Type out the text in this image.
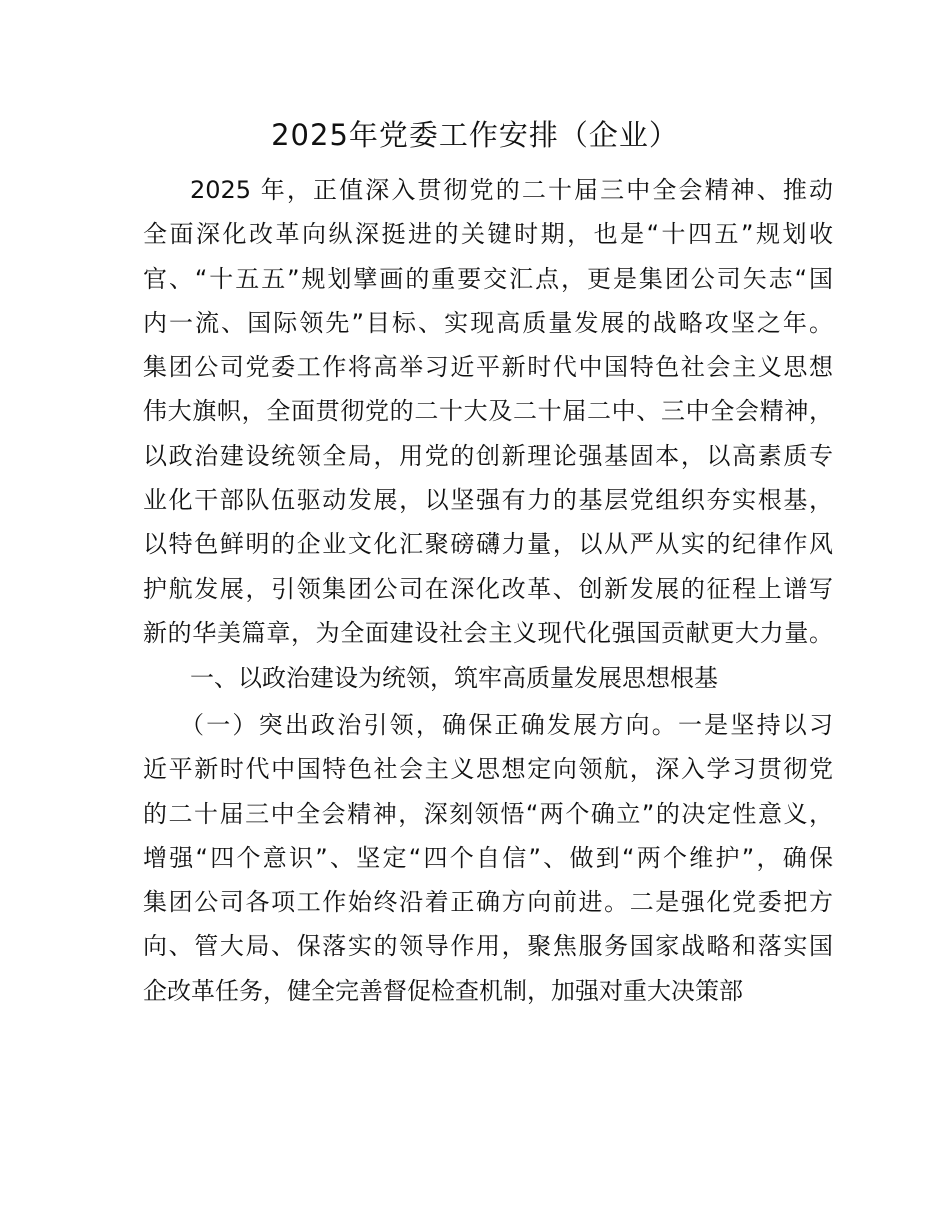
2025年党委工作安排（企业）
2025 年，正值深入贯彻党的二十届三中全会精神、推动
全面深化改革向纵深挺进的关键时期，也是“十四五”规划收
官、“十五五”规划擘画的重要交汇点，更是集团公司矢志“国
内一流、国际领先”目标、实现高质量发展的战略攻坚之年。
集团公司党委工作将高举习近平新时代中国特色社会主义思想
伟大旗帜，全面贯彻党的二十大及二十届二中、三中全会精神，
以政治建设统领全局，用党的创新理论强基固本，以高素质专
业化干部队伍驱动发展，以坚强有力的基层党组织夯实根基，
以特色鲜明的企业文化汇聚磅礴力量，以从严从实的纪律作风
护航发展，引领集团公司在深化改革、创新发展的征程上谱写
新的华美篇章，为全面建设社会主义现代化强国贡献更大力量。
一、以政治建设为统领，筑牢高质量发展思想根基
（一）突出政治引领，确保正确发展方向。一是坚持以习
近平新时代中国特色社会主义思想定向领航，深入学习贯彻党
的二十届三中全会精神，深刻领悟“两个确立”的决定性意义，
增强“四个意识”、坚定“四个自信”、做到“两个维护”，确保
集团公司各项工作始终沿着正确方向前进。二是强化党委把方
向、管大局、保落实的领导作用，聚焦服务国家战略和落实国
企改革任务，健全完善督促检查机制，加强对重大决策部
